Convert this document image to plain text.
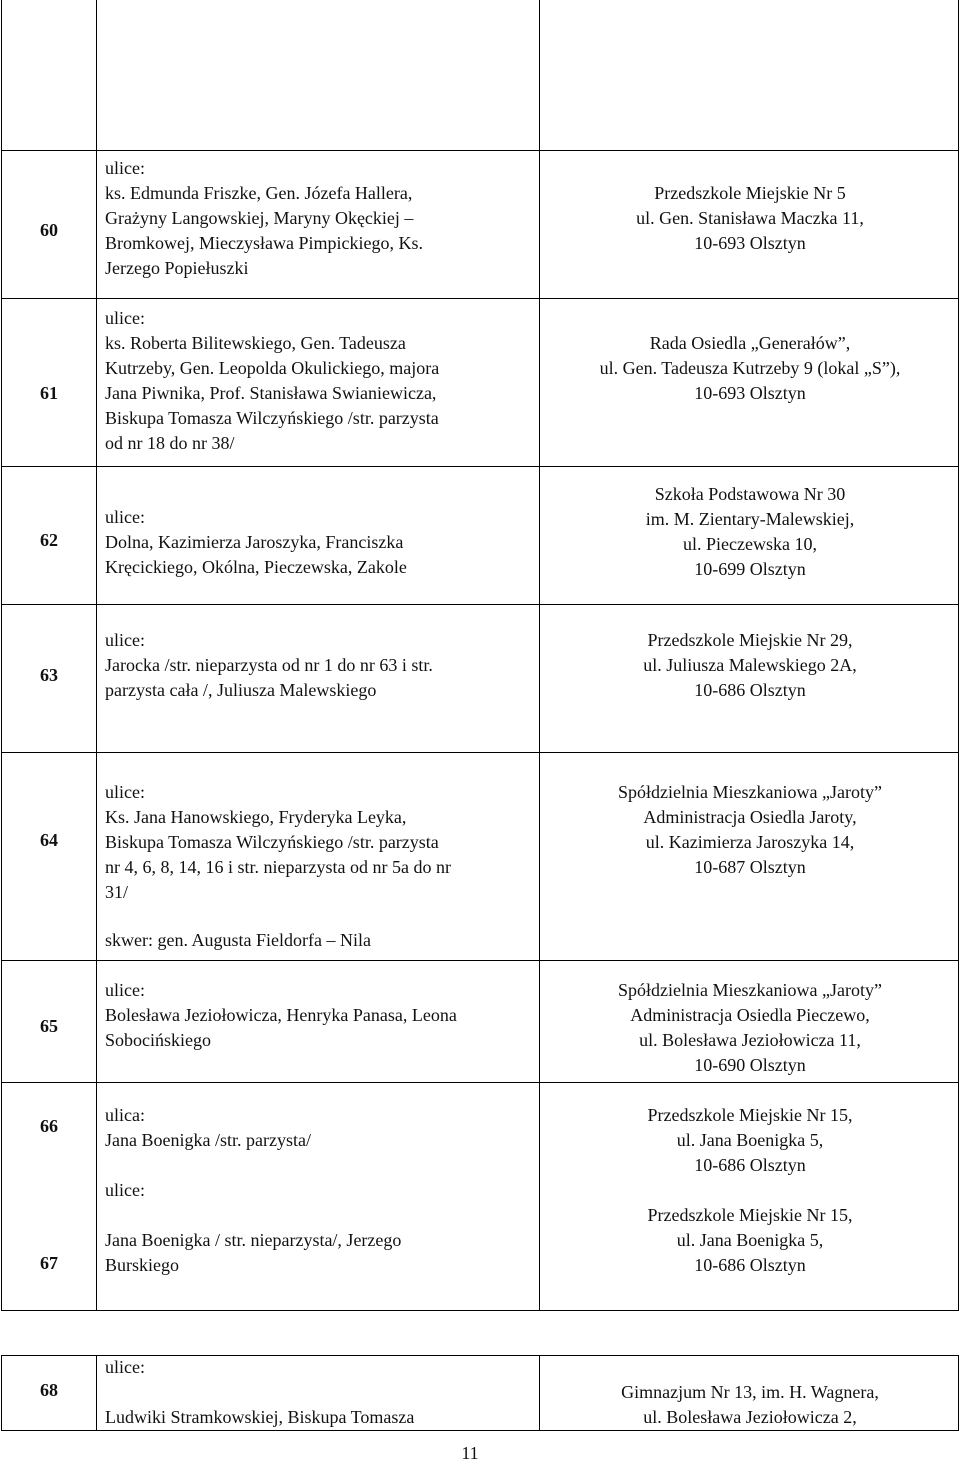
60
ulice:
ks. Edmunda Friszke, Gen. Józefa Hallera,
Grażyny Langowskiej, Maryny Okęckiej –
Bromkowej, Mieczysława Pimpickiego, Ks.
Jerzego Popiełuszki
Przedszkole Miejskie Nr 5
ul. Gen. Stanisława Maczka 11,
10-693 Olsztyn
61
ulice:
ks. Roberta Bilitewskiego, Gen. Tadeusza
Kutrzeby, Gen. Leopolda Okulickiego, majora
Jana Piwnika, Prof. Stanisława Swianiewicza,
Biskupa Tomasza Wilczyńskiego /str. parzysta
od nr 18 do nr 38/
Rada Osiedla „Generałów”,
ul. Gen. Tadeusza Kutrzeby 9 (lokal „S”),
10-693 Olsztyn
62
ulice:
Dolna, Kazimierza Jaroszyka, Franciszka
Kręcickiego, Okólna, Pieczewska, Zakole
Szkoła Podstawowa Nr 30
im. M. Zientary-Malewskiej,
ul. Pieczewska 10,
10-699 Olsztyn
63
ulice:
Jarocka /str. nieparzysta od nr 1 do nr 63 i str.
parzysta cała /, Juliusza Malewskiego
Przedszkole Miejskie Nr 29,
ul. Juliusza Malewskiego 2A,
10-686 Olsztyn
64
ulice:
Ks. Jana Hanowskiego, Fryderyka Leyka,
Biskupa Tomasza Wilczyńskiego /str. parzysta
nr 4, 6, 8, 14, 16 i str. nieparzysta od nr 5a do nr
31/
skwer: gen. Augusta Fieldorfa – Nila
Spółdzielnia Mieszkaniowa „Jaroty”
Administracja Osiedla Jaroty,
ul. Kazimierza Jaroszyka 14,
10-687 Olsztyn
65
ulice:
Bolesława Jeziołowicza, Henryka Panasa, Leona
Sobocińskiego
Spółdzielnia Mieszkaniowa „Jaroty”
Administracja Osiedla Pieczewo,
ul. Bolesława Jeziołowicza 11,
10-690 Olsztyn
66
ulica:
Jana Boenigka /str. parzysta/
Przedszkole Miejskie Nr 15,
ul. Jana Boenigka 5,
10-686 Olsztyn
67
ulice:

Jana Boenigka / str. nieparzysta/, Jerzego
Burskiego
Przedszkole Miejskie Nr 15,
ul. Jana Boenigka 5,
10-686 Olsztyn
68
ulice:

Ludwiki Stramkowskiej, Biskupa Tomasza
Gimnazjum Nr 13, im. H. Wagnera,
ul. Bolesława Jeziołowicza 2,
11
